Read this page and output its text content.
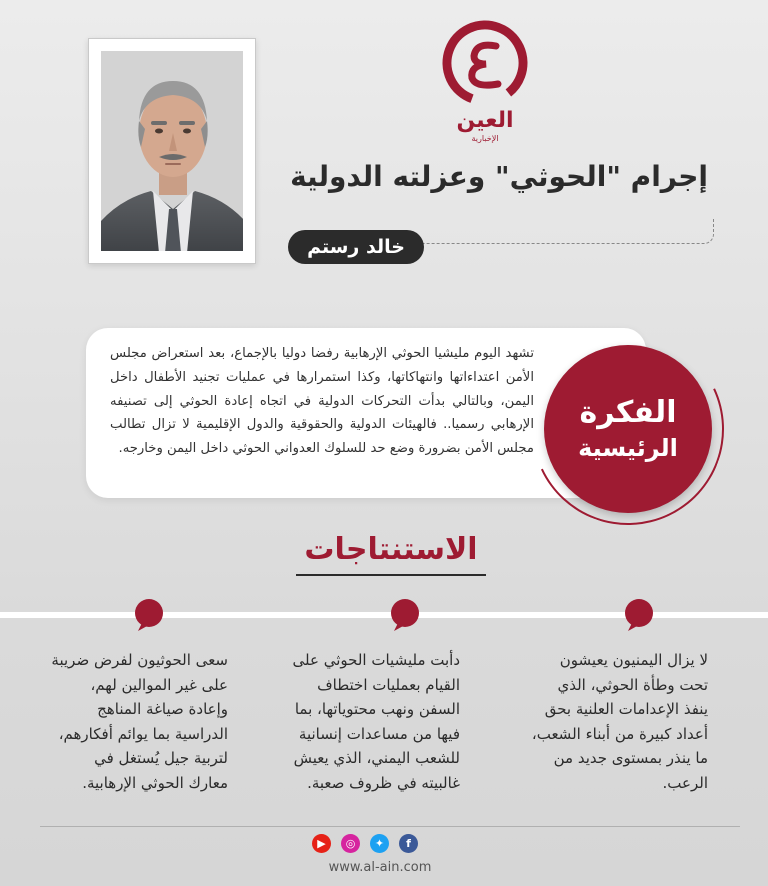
العين
الإخبارية
إجرام "الحوثي" وعزلته الدولية
خالد رستم

تشهد اليوم مليشيا الحوثي الإرهابية رفضا دوليا بالإجماع، بعد استعراض مجلس الأمن اعتداءاتها وانتهاكاتها، وكذا استمرارها في عمليات تجنيد الأطفال داخل اليمن، وبالتالي بدأت التحركات الدولية في اتجاه إعادة الحوثي إلى تصنيفه الإرهابي رسميا.. فالهيئات الدولية والحقوقية والدول الإقليمية لا تزال تطالب مجلس الأمن بضرورة وضع حد للسلوك العدواني الحوثي داخل اليمن وخارجه.

الفكرة
الرئيسية
الاستنتاجات
لا يزال اليمنيون يعيشون تحت وطأة الحوثي، الذي ينفذ الإعدامات العلنية بحق أعداد كبيرة من أبناء الشعب، ما ينذر بمستوى جديد من الرعب.
دأبت مليشيات الحوثي على القيام بعمليات اختطاف السفن ونهب محتوياتها، بما فيها من مساعدات إنسانية للشعب اليمني، الذي يعيش غالبيته في ظروف صعبة.
سعى الحوثيون لفرض ضريبة على غير الموالين لهم، وإعادة صياغة المناهج الدراسية بما يوائم أفكارهم، لتربية جيل يُستغل في معارك الحوثي الإرهابية.
▶	◎	✦	f
www.al-ain.com
